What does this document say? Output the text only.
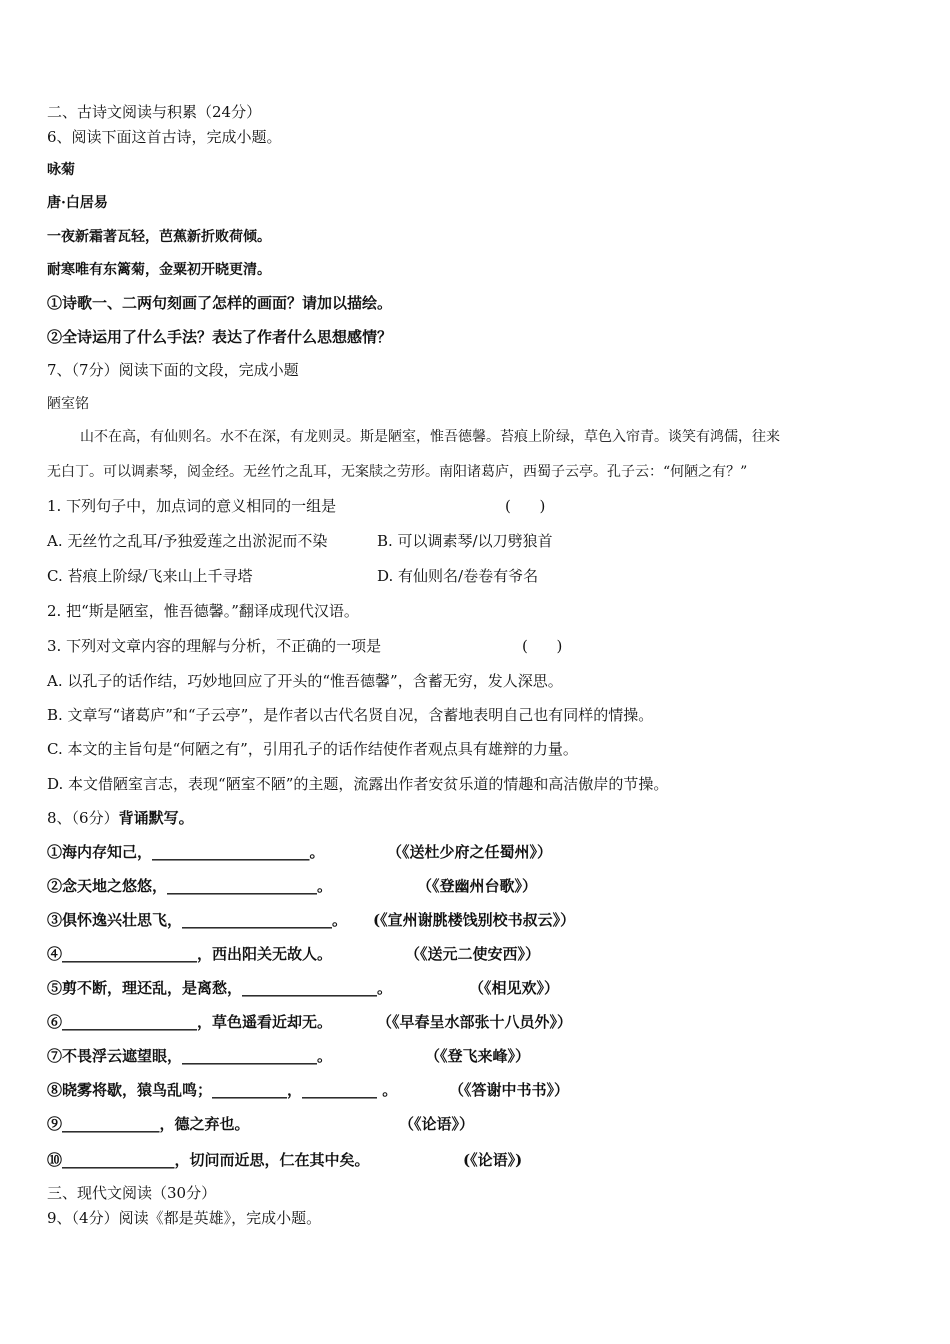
二、古诗文阅读与积累（24分）
6、阅读下面这首古诗，完成小题。
咏菊
唐·白居易
一夜新霜著瓦轻，芭蕉新折败荷倾。
耐寒唯有东篱菊，金粟初开晓更清。
①诗歌一、二两句刻画了怎样的画面？请加以描绘。
②全诗运用了什么手法？表达了作者什么思想感情？
7、（7分）阅读下面的文段，完成小题
陋室铭
山不在高，有仙则名。水不在深，有龙则灵。斯是陋室，惟吾德馨。苔痕上阶绿，草色入帘青。谈笑有鸿儒，往来
无白丁。可以调素琴，阅金经。无丝竹之乱耳，无案牍之劳形。南阳诸葛庐，西蜀子云亭。孔子云：“何陋之有？”
1. 下列句子中，加点词的意义相同的一组是	(      )
A. 无丝竹之乱耳/予独爱莲之出淤泥而不染	B. 可以调素琴/以刀劈狼首
C. 苔痕上阶绿/飞来山上千寻塔	D. 有仙则名/卷卷有爷名
2. 把“斯是陋室，惟吾德馨。”翻译成现代汉语。
3. 下列对文章内容的理解与分析，不正确的一项是	(      )
A. 以孔子的话作结，巧妙地回应了开头的“惟吾德馨”，含蓄无穷，发人深思。
B. 文章写“诸葛庐”和“子云亭”，是作者以古代名贤自况，含蓄地表明自己也有同样的情操。
C. 本文的主旨句是“何陋之有”，引用孔子的话作结使作者观点具有雄辩的力量。
D. 本文借陋室言志，表现“陋室不陋”的主题，流露出作者安贫乐道的情趣和高洁傲岸的节操。
8、（6分）背诵默写。
①海内存知己，_____________________。	（《送杜少府之任蜀州》）
②念天地之悠悠，____________________。	（《登幽州台歌》）
③俱怀逸兴壮思飞，____________________。 (《宣州谢朓楼饯别校书叔云》）
④__________________，西出阳关无故人。	（《送元二使安西》）
⑤剪不断，理还乱，是离愁，__________________。	（《相见欢》）
⑥__________________，草色遥看近却无。	（《早春呈水部张十八员外》）
⑦不畏浮云遮望眼，__________________。	（《登飞来峰》）
⑧晓雾将歇，猿鸟乱鸣；__________，__________ 。	（《答谢中书书》）
⑨_____________，德之弃也。	（《论语》）
⑩_______________，切问而近思，仁在其中矣。	(《论语》)
三、现代文阅读（30分）
9、（4分）阅读《都是英雄》，完成小题。
